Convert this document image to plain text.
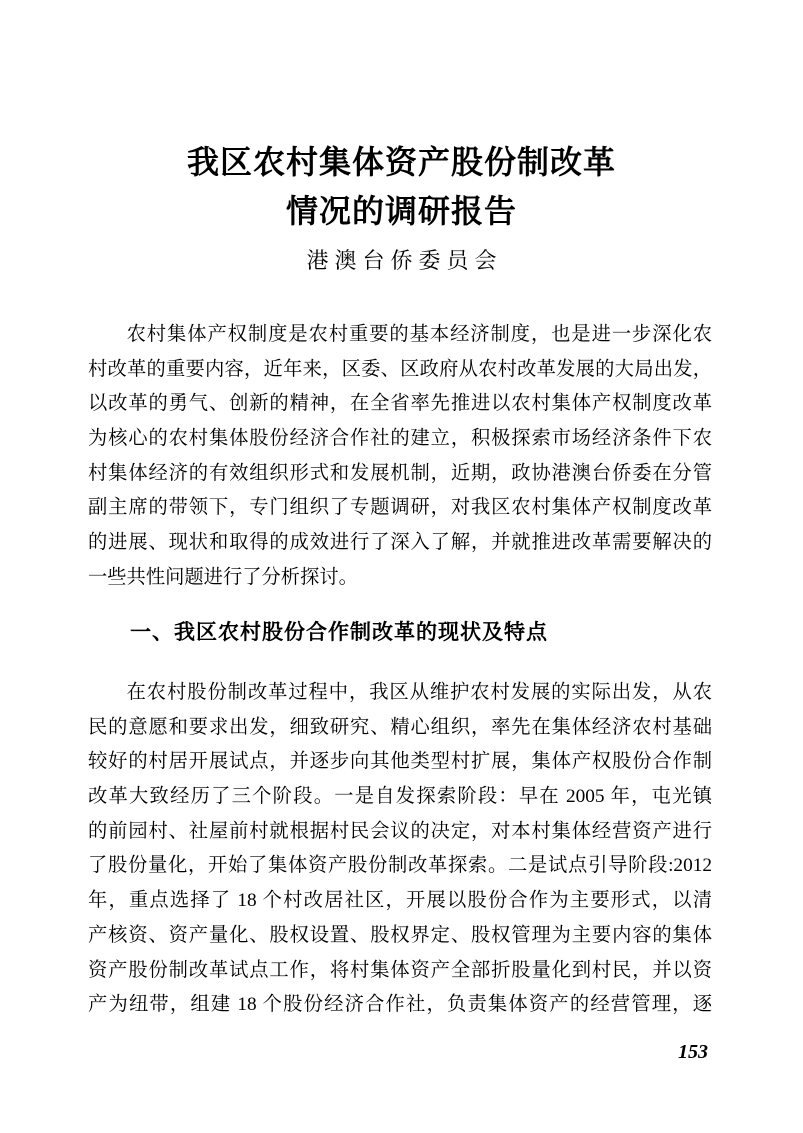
我区农村集体资产股份制改革
情况的调研报告
港澳台侨委员会
农村集体产权制度是农村重要的基本经济制度，也是进一步深化农
村改革的重要内容，近年来，区委、区政府从农村改革发展的大局出发，
以改革的勇气、创新的精神，在全省率先推进以农村集体产权制度改革
为核心的农村集体股份经济合作社的建立，积极探索市场经济条件下农
村集体经济的有效组织形式和发展机制，近期，政协港澳台侨委在分管
副主席的带领下，专门组织了专题调研，对我区农村集体产权制度改革
的进展、现状和取得的成效进行了深入了解，并就推进改革需要解决的
一些共性问题进行了分析探讨。
一、我区农村股份合作制改革的现状及特点
在农村股份制改革过程中，我区从维护农村发展的实际出发，从农
民的意愿和要求出发，细致研究、精心组织，率先在集体经济农村基础
较好的村居开展试点，并逐步向其他类型村扩展，集体产权股份合作制
改革大致经历了三个阶段。一是自发探索阶段：早在 2005 年，屯光镇
的前园村、社屋前村就根据村民会议的决定，对本村集体经营资产进行
了股份量化，开始了集体资产股份制改革探索。二是试点引导阶段:2012
年，重点选择了 18 个村改居社区，开展以股份合作为主要形式，以清
产核资、资产量化、股权设置、股权界定、股权管理为主要内容的集体
资产股份制改革试点工作，将村集体资产全部折股量化到村民，并以资
产为纽带，组建 18 个股份经济合作社，负责集体资产的经营管理，逐
153
